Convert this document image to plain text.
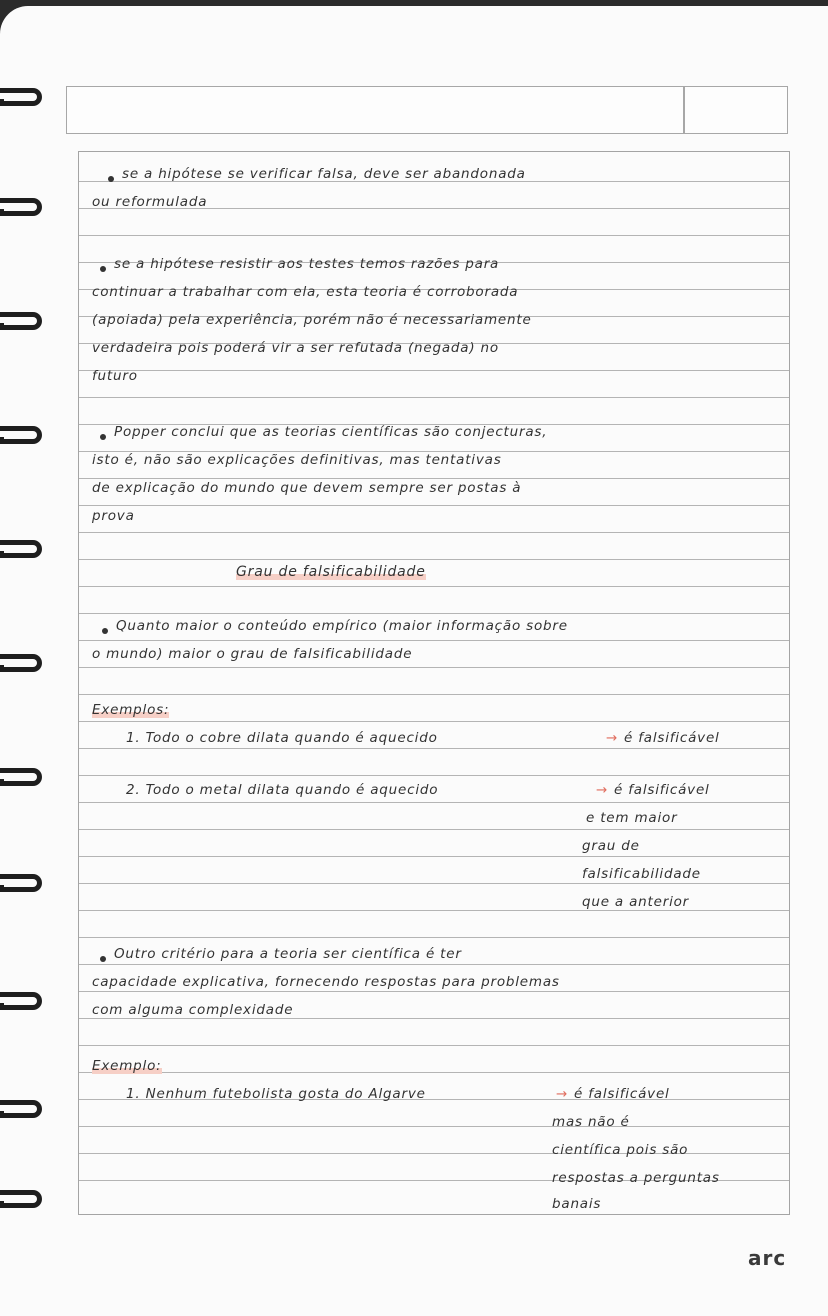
se a hipótese se verificar falsa, deve ser abandonada
ou reformulada
se a hipótese resistir aos testes temos razões para
continuar a trabalhar com ela, esta teoria é corroborada
(apoiada) pela experiência, porém não é necessariamente
verdadeira pois poderá vir a ser refutada (negada) no
futuro
Popper conclui que as teorias científicas são conjecturas,
isto é, não são explicações definitivas, mas tentativas
de explicação do mundo que devem sempre ser postas à
prova
Grau de falsificabilidade
Quanto maior o conteúdo empírico (maior informação sobre
o mundo) maior o grau de falsificabilidade
Exemplos:
1. Todo o cobre dilata quando é aquecido	→ é falsificável
2. Todo o metal dilata quando é aquecido	→ é falsificável
e tem maior
grau de
falsificabilidade
que a anterior
Outro critério para a teoria ser científica é ter
capacidade explicativa, fornecendo respostas para problemas
com alguma complexidade
Exemplo:
1. Nenhum futebolista gosta do Algarve	→ é falsificável
mas não é
científica pois são
respostas a perguntas
banais
arc
